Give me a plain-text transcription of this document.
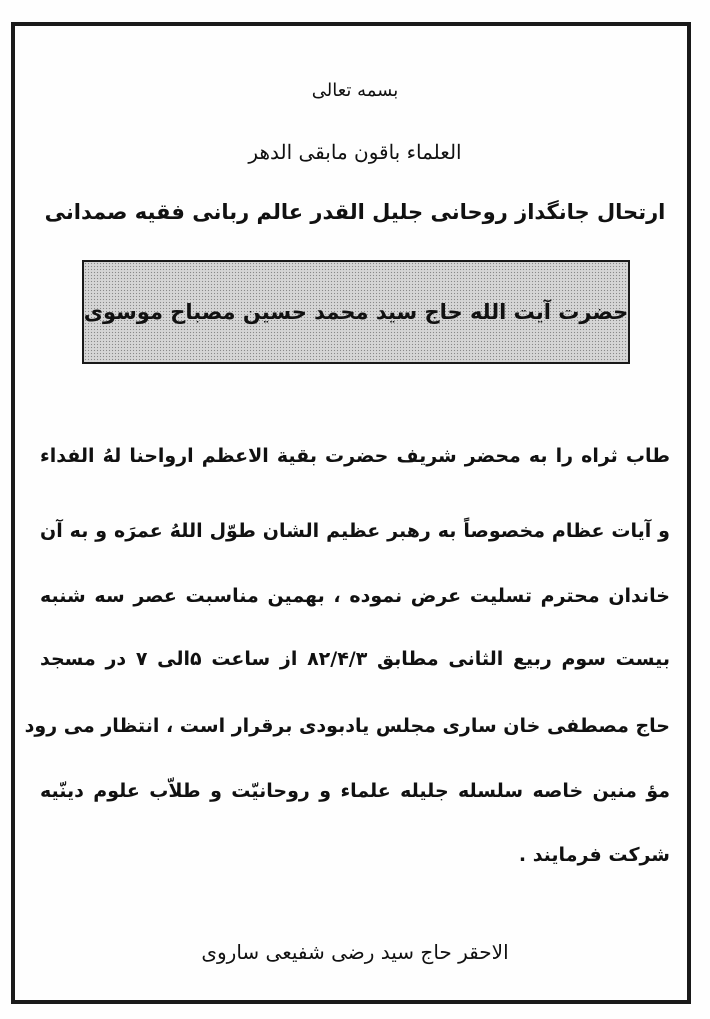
بسمه تعالی
العلماء باقون مابقی الدهر
ارتحال جانگداز روحانی جلیل القدر عالم ربانی فقیه صمدانی
حضرت آیت الله حاج سید محمد حسین مصباح موسوی
طاب ثراه را به محضر شریف حضرت بقیة الاعظم ارواحنا لهُ الفداء
و آیات عظام مخصوصاً به رهبر عظیم الشان طوّل اللهُ عمرَه و به آن
خاندان محترم تسلیت عرض نموده ، بهمین مناسبت عصر سه شنبه
بیست سوم ربیع الثانی مطابق ۸۲/۴/۳ از ساعت ۵الی ۷ در مسجد
حاج مصطفی خان ساری مجلس یادبودی برقرار است ، انتظار می رود
مؤ منین خاصه سلسله جلیله علماء و روحانیّت و طلاّب علوم دینّیه
شرکت فرمایند .
الاحقر حاج سید رضی شفیعی ساروی
